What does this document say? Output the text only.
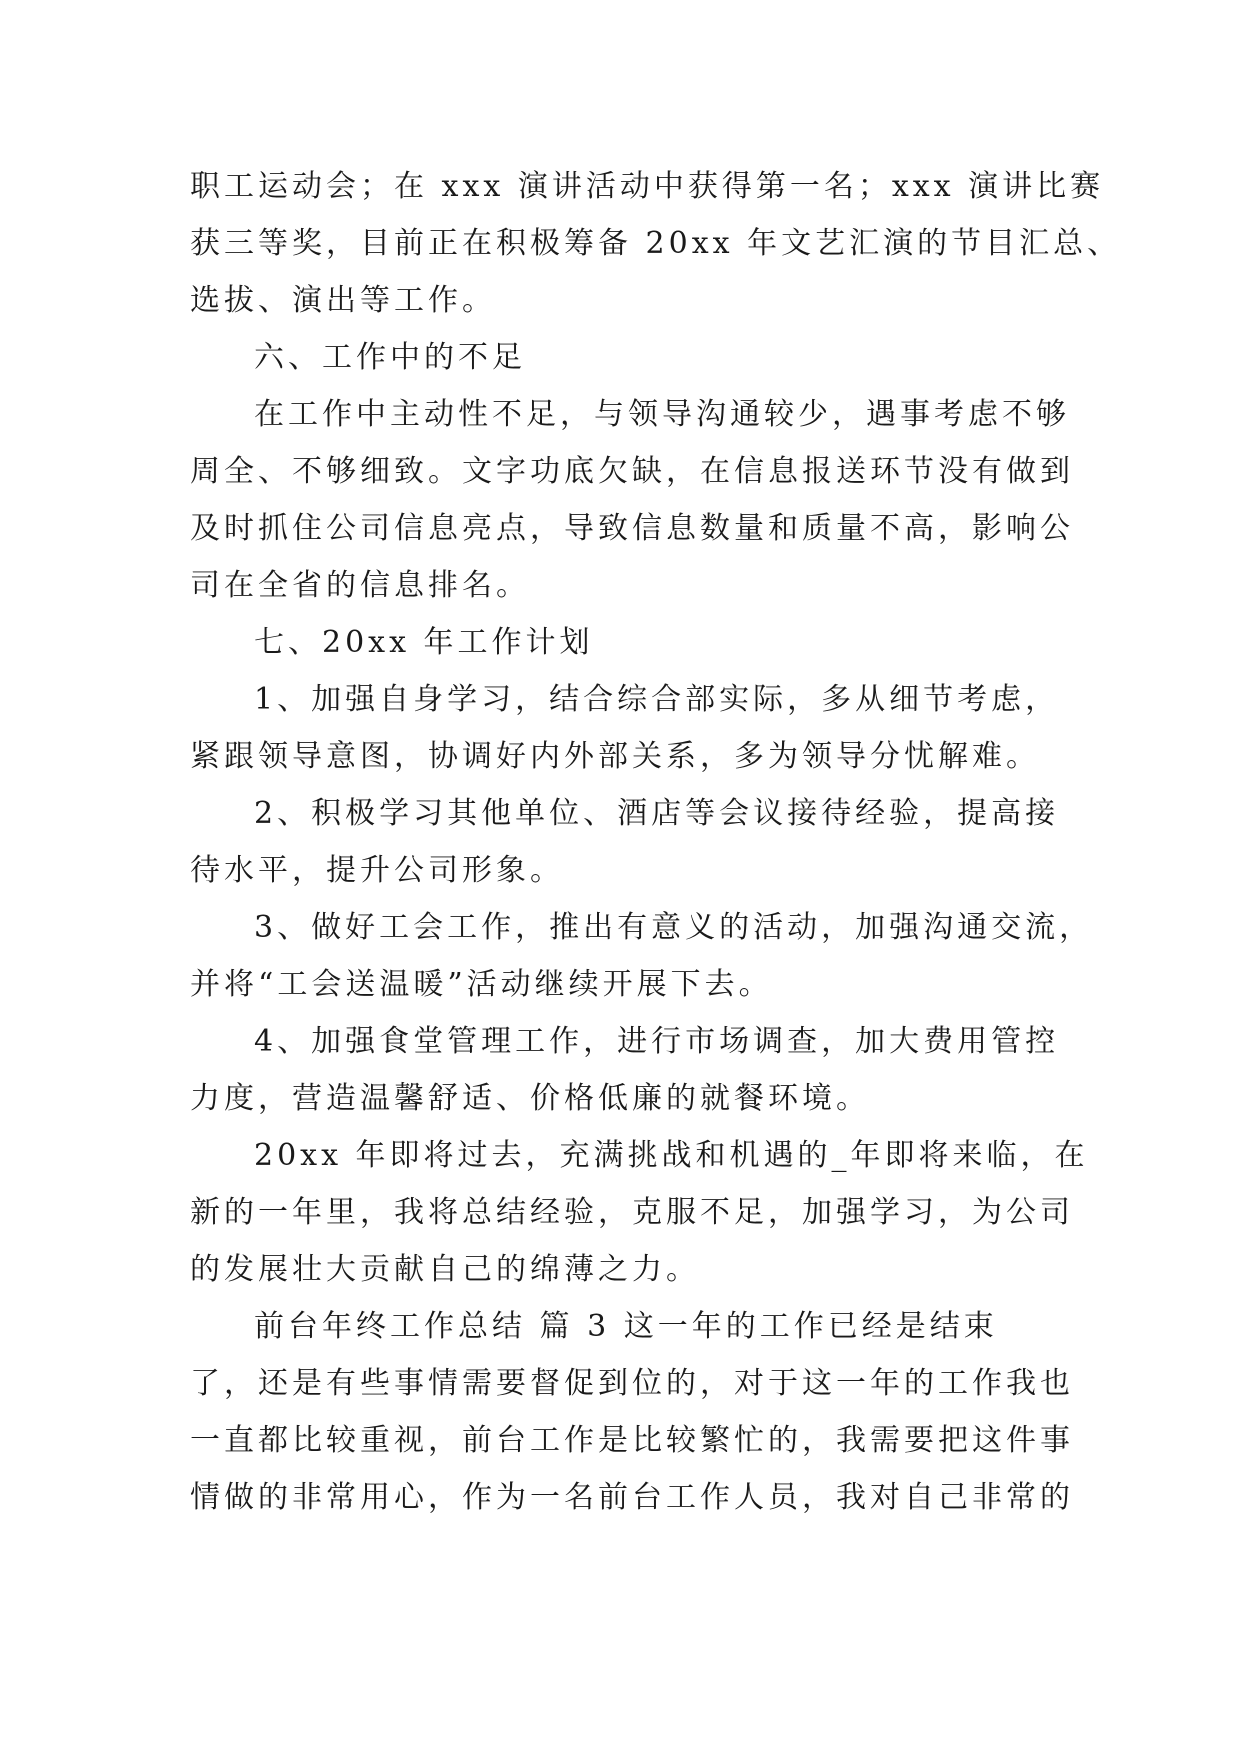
职工运动会；在 xxx 演讲活动中获得第一名；xxx 演讲比赛
获三等奖，目前正在积极筹备 20xx 年文艺汇演的节目汇总、
选拔、演出等工作。
六、工作中的不足
在工作中主动性不足，与领导沟通较少，遇事考虑不够
周全、不够细致。文字功底欠缺，在信息报送环节没有做到
及时抓住公司信息亮点，导致信息数量和质量不高，影响公
司在全省的信息排名。
七、20xx 年工作计划
1、加强自身学习，结合综合部实际，多从细节考虑，
紧跟领导意图，协调好内外部关系，多为领导分忧解难。
2、积极学习其他单位、酒店等会议接待经验，提高接
待水平，提升公司形象。
3、做好工会工作，推出有意义的活动，加强沟通交流，
并将“工会送温暖”活动继续开展下去。
4、加强食堂管理工作，进行市场调查，加大费用管控
力度，营造温馨舒适、价格低廉的就餐环境。
20xx 年即将过去，充满挑战和机遇的_年即将来临，在
新的一年里，我将总结经验，克服不足，加强学习，为公司
的发展壮大贡献自己的绵薄之力。
前台年终工作总结 篇 3 这一年的工作已经是结束
了，还是有些事情需要督促到位的，对于这一年的工作我也
一直都比较重视，前台工作是比较繁忙的，我需要把这件事
情做的非常用心，作为一名前台工作人员，我对自己非常的
